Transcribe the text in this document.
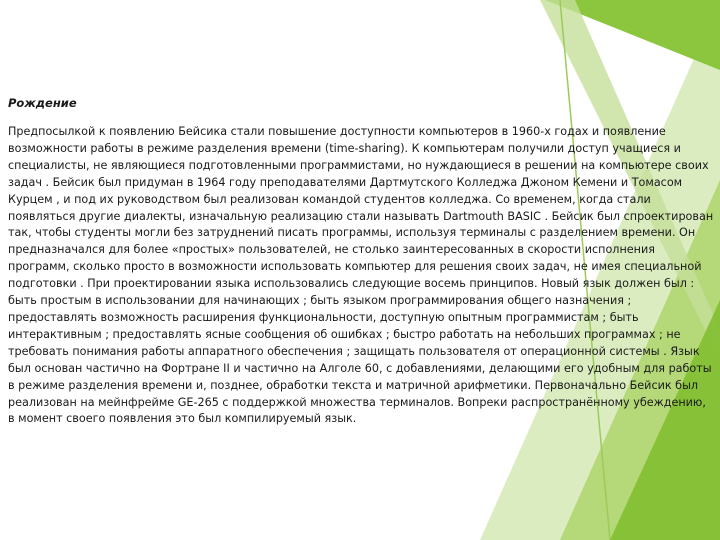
Рождение

Предпосылкой к появлению Бейсика стали повышение доступности компьютеров в 1960-х годах и появление возможности работы в режиме разделения времени (time-sharing). К компьютерам получили доступ учащиеся и специалисты, не являющиеся подготовленными программистами, но нуждающиеся в решении на компьютере своих задач . Бейсик был придуман в 1964 году преподавателями Дартмутского Колледжа Джоном Кемени и Томасом Курцем , и под их руководством был реализован командой студентов колледжа. Со временем, когда стали появляться другие диалекты, изначальную реализацию стали называть Dartmouth BASIC . Бейсик был спроектирован так, чтобы студенты могли без затруднений писать программы, используя терминалы с разделением времени. Он предназначался для более «простых» пользователей, не столько заинтересованных в скорости исполнения программ, сколько просто в возможности использовать компьютер для решения своих задач, не имея специальной подготовки . При проектировании языка использовались следующие восемь принципов. Новый язык должен был : быть простым в использовании для начинающих ; быть языком программирования общего назначения ; предоставлять возможность расширения функциональности, доступную опытным программистам ; быть интерактивным ; предоставлять ясные сообщения об ошибках ; быстро работать на небольших программах ; не требовать понимания работы аппаратного обеспечения ; защищать пользователя от операционной системы . Язык был основан частично на Фортране II и частично на Алголе 60, с добавлениями, делающими его удобным для работы в режиме разделения времени и, позднее, обработки текста и матричной арифметики. Первоначально Бейсик был реализован на мейнфрейме GE-265 с поддержкой множества терминалов. Вопреки распространённому убеждению, в момент своего появления это был компилируемый язык.
